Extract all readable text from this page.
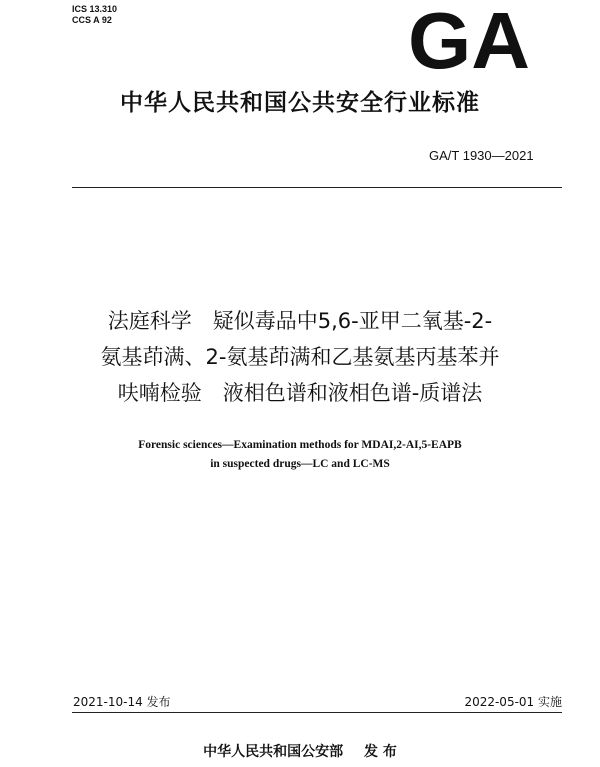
ICS 13.310
CCS A 92	GA
中华人民共和国公共安全行业标准
GA/T 1930—2021
法庭科学　疑似毒品中5,6-亚甲二氧基-2-
氨基茚满、2-氨基茚满和乙基氨基丙基苯并
呋喃检验　液相色谱和液相色谱-质谱法
Forensic sciences—Examination methods for MDAI,2-AI,5-EAPB
in suspected drugs—LC and LC-MS
2021-10-14 发布	2022-05-01 实施
中华人民共和国公安部 发 布
